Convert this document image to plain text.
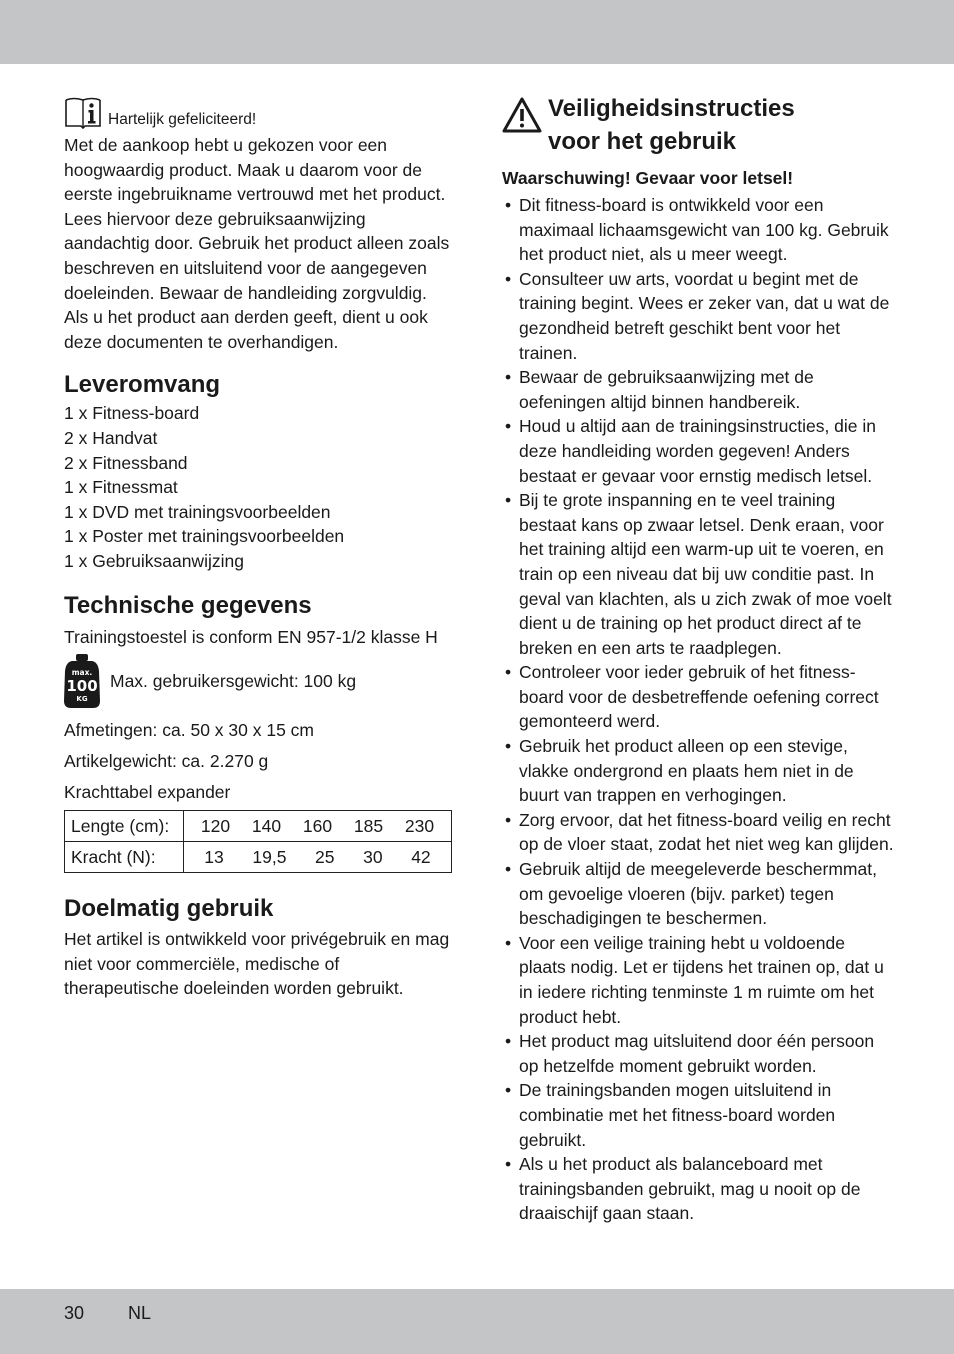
Hartelijk gefeliciteerd!

Met de aankoop hebt u gekozen voor een hoogwaardig product. Maak u daarom voor de eerste ingebruikname vertrouwd met het product. Lees hiervoor deze gebruiksaanwijzing aandachtig door. Gebruik het product alleen zoals beschreven en uitsluitend voor de aangegeven doeleinden. Bewaar de handleiding zorgvuldig. Als u het product aan derden geeft, dient u ook deze documenten te overhandigen.

Leveromvang
1 x Fitness-board
2 x Handvat
2 x Fitnessband
1 x Fitnessmat
1 x DVD met trainingsvoorbeelden
1 x Poster met trainingsvoorbeelden
1 x Gebruiksaanwijzing
Technische gegevens
Trainingstoestel is conform EN 957-1/2 klasse H
max.
100
KG
Max. gebruikersgewicht: 100 kg
Afmetingen: ca. 50 x 30 x 15 cm
Artikelgewicht: ca. 2.270 g
Krachttabel expander
Lengte (cm):	120 140 160 185 230

Kracht (N):	13 19,5 25 30 42
Doelmatig gebruik

Het artikel is ontwikkeld voor privégebruik en mag niet voor commerciële, medische of therapeutische doeleinden worden gebruikt.

Veiligheidsinstructies
voor het gebruik
Waarschuwing! Gevaar voor letsel!
• Dit fitness-board is ontwikkeld voor een maximaal lichaamsgewicht van 100 kg. Gebruik het product niet, als u meer weegt.
• Consulteer uw arts, voordat u begint met de training begint. Wees er zeker van, dat u wat de gezondheid betreft geschikt bent voor het trainen.
• Bewaar de gebruiksaanwijzing met de oefeningen altijd binnen handbereik.
• Houd u altijd aan de trainingsinstructies, die in deze handleiding worden gegeven! Anders bestaat er gevaar voor ernstig medisch letsel.
• Bij te grote inspanning en te veel training bestaat kans op zwaar letsel. Denk eraan, voor het training altijd een warm-up uit te voeren, en train op een niveau dat bij uw conditie past. In geval van klachten, als u zich zwak of moe voelt dient u de training op het product direct af te breken en een arts te raadplegen.
• Controleer voor ieder gebruik of het fitness-board voor de desbetreffende oefening correct gemonteerd werd.
• Gebruik het product alleen op een stevige, vlakke ondergrond en plaats hem niet in de buurt van trappen en verhogingen.
• Zorg ervoor, dat het fitness-board veilig en recht op de vloer staat, zodat het niet weg kan glijden.
• Gebruik altijd de meegeleverde beschermmat, om gevoelige vloeren (bijv. parket) tegen beschadigingen te beschermen.
• Voor een veilige training hebt u voldoende plaats nodig. Let er tijdens het trainen op, dat u in iedere richting tenminste 1 m ruimte om het product hebt.
• Het product mag uitsluitend door één persoon op hetzelfde moment gebruikt worden.
• De trainingsbanden mogen uitsluitend in combinatie met het fitness-board worden gebruikt.
• Als u het product als balanceboard met trainingsbanden gebruikt, mag u nooit op de draaischijf gaan staan.
30 NL
